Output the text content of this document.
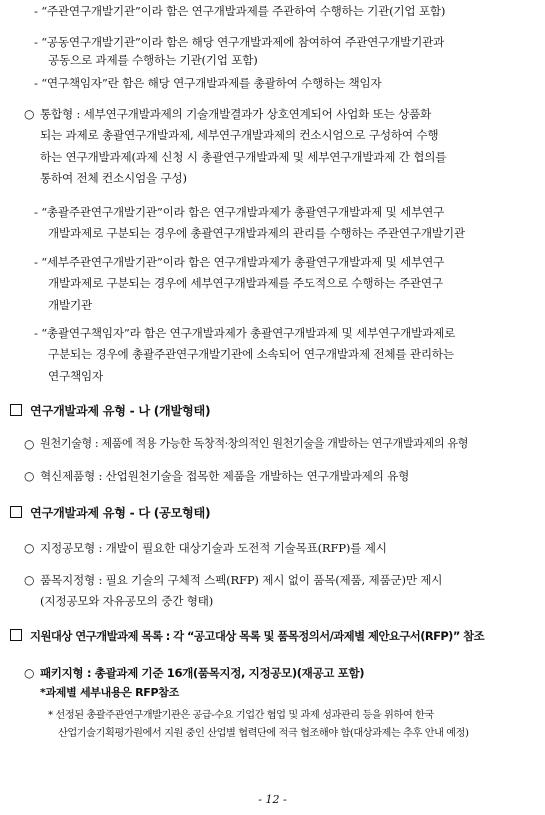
- “주관연구개발기관”이라 함은 연구개발과제를 주관하여 수행하는 기관(기업 포함)
- “공동연구개발기관”이라 함은 해당 연구개발과제에 참여하여 주관연구개발기관과
공동으로 과제를 수행하는 기관(기업 포함)
- “연구책임자”란 함은 해당 연구개발과제를 총괄하여 수행하는 책임자
○ 통합형 : 세부연구개발과제의 기술개발결과가 상호연계되어 사업화 또는 상품화
되는 과제로 총괄연구개발과제, 세부연구개발과제의 컨소시엄으로 구성하여 수행
하는 연구개발과제(과제 신청 시 총괄연구개발과제 및 세부연구개발과제 간 협의를
통하여 전체 컨소시엄을 구성)
- “총괄주관연구개발기관”이라 함은 연구개발과제가 총괄연구개발과제 및 세부연구
개발과제로 구분되는 경우에 총괄연구개발과제의 관리를 수행하는 주관연구개발기관
- “세부주관연구개발기관”이라 함은 연구개발과제가 총괄연구개발과제 및 세부연구
개발과제로 구분되는 경우에 세부연구개발과제를 주도적으로 수행하는 주관연구
개발기관
- “총괄연구책임자”라 함은 연구개발과제가 총괄연구개발과제 및 세부연구개발과제로
구분되는 경우에 총괄주관연구개발기관에 소속되어 연구개발과제 전체를 관리하는
연구책임자
연구개발과제 유형 - 나 (개발형태)
○ 원천기술형 : 제품에 적용 가능한 독창적·창의적인 원천기술을 개발하는 연구개발과제의 유형
○ 혁신제품형 : 산업원천기술을 접목한 제품을 개발하는 연구개발과제의 유형
연구개발과제 유형 - 다 (공모형태)
○ 지정공모형 : 개발이 필요한 대상기술과 도전적 기술목표(RFP)를 제시
○ 품목지정형 : 필요 기술의 구체적 스펙(RFP) 제시 없이 품목(제품, 제품군)만 제시
(지정공모와 자유공모의 중간 형태)
지원대상 연구개발과제 목록 : 각 “공고대상 목록 및 품목정의서/과제별 제안요구서(RFP)” 참조
○ 패키지형 : 총괄과제 기준 16개(품목지정, 지정공모)(재공고 포함)
*과제별 세부내용은 RFP참조
* 선정된 총괄주관연구개발기관은 공급-수요 기업간 협업 및 과제 성과관리 등을 위하여 한국
산업기술기획평가원에서 지원 중인 산업별 협력단에 적극 협조해야 함(대상과제는 추후 안내 예정)
- 12 -
